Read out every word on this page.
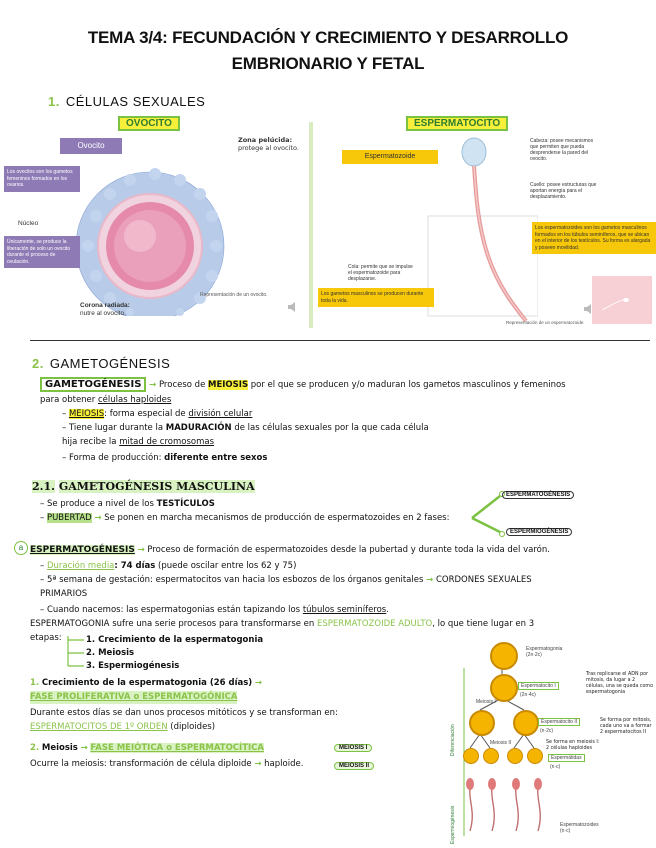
TEMA 3/4: FECUNDACIÓN Y CRECIMIENTO Y DESARROLLO
EMBRIONARIO Y FETAL
1. CÉLULAS SEXUALES
OVOCITO
Ovocito
Zona pelúcida:
protege al ovocito.
Los ovocitos son los gametos femeninos formados en los ovarios.
Núcleo
Únicamente, se produce la liberación de solo un ovocito durante el proceso de ovulación.
Corona radiada:
nutre al ovocito.
Representación de un ovocito.
ESPERMATOCITO
Espermatozoide
Cabeza: posee mecanismos que permiten que pueda desprenderse la pared del ovocito.
Cuello: posee estructuras que aportan energía para el desplazamiento.
Cola: permite que se impulse el espermatozoide para desplazarse.
Los espermatozoides son los gametos masculinos formados en los túbulos seminíferos, que se ubican en el interior de los testículos. Su forma es alargada y poseen movilidad.
Los gametos masculinos se producen durante toda la vida.
Representación de un espermatozoide.
2. GAMETOGÉNESIS
GAMETOGÉNESIS → Proceso de MEIOSIS por el que se producen y/o maduran los gametos masculinos y femeninos
para obtener células haploides
– MEIOSIS: forma especial de división celular
– Tiene lugar durante la MADURACIÓN de las células sexuales por la que cada célula
hija recibe la mitad de cromosomas
– Forma de producción: diferente entre sexos
2.1. GAMETOGÉNESIS MASCULINA
– Se produce a nivel de los TESTÍCULOS
– PUBERTAD → Se ponen en marcha mecanismos de producción de espermatozoides en 2 fases:
ESPERMATOGÉNESIS
ESPERMIOGÉNESIS
a ESPERMATOGÉNESIS → Proceso de formación de espermatozoides desde la pubertad y durante toda la vida del varón.
– Duración media: 74 días (puede oscilar entre los 62 y 75)
– 5ª semana de gestación: espermatocitos van hacia los esbozos de los órganos genitales → CORDONES SEXUALES
PRIMARIOS
– Cuando nacemos: las espermatogonias están tapizando los túbulos seminíferos.
ESPERMATOGONIA sufre una serie procesos para transformarse en ESPERMATOZOIDE ADULTO, lo que tiene lugar en 3
etapas:	1. Crecimiento de la espermatogonia
2. Meiosis
3. Espermiogénesis
1. Crecimiento de la espermatogonia (26 días) →
FASE PROLIFERATIVA o ESPERMATOGÓNICA
Durante estos días se dan unos procesos mitóticos y se transforman en:
ESPERMATOCITOS DE 1º ORDEN (diploides)
2. Meiosis → FASE MEIÓTICA o ESPERMATOCÍTICA
Ocurre la meiosis: transformación de célula diploide → haploide.
MEIOSIS I
MEIOSIS II
Espermatogonia
(2n·2c)
Espermatocito I
(2n·4c)
Espermatocito II
(n·2c)
Meiosis I
Meiosis II
Espermátidas
(n·c)
Espermatozoides
(n·c)
Diferenciación
Espermiogénesis
Tras replicarse el ADN por mitosis, da lugar a 2 células, una se queda como espermatogonia
Se forma por mitosis, cada uno va a formar 2 espermatocitos II
Se forma en meiosis I: 2 células haploides
